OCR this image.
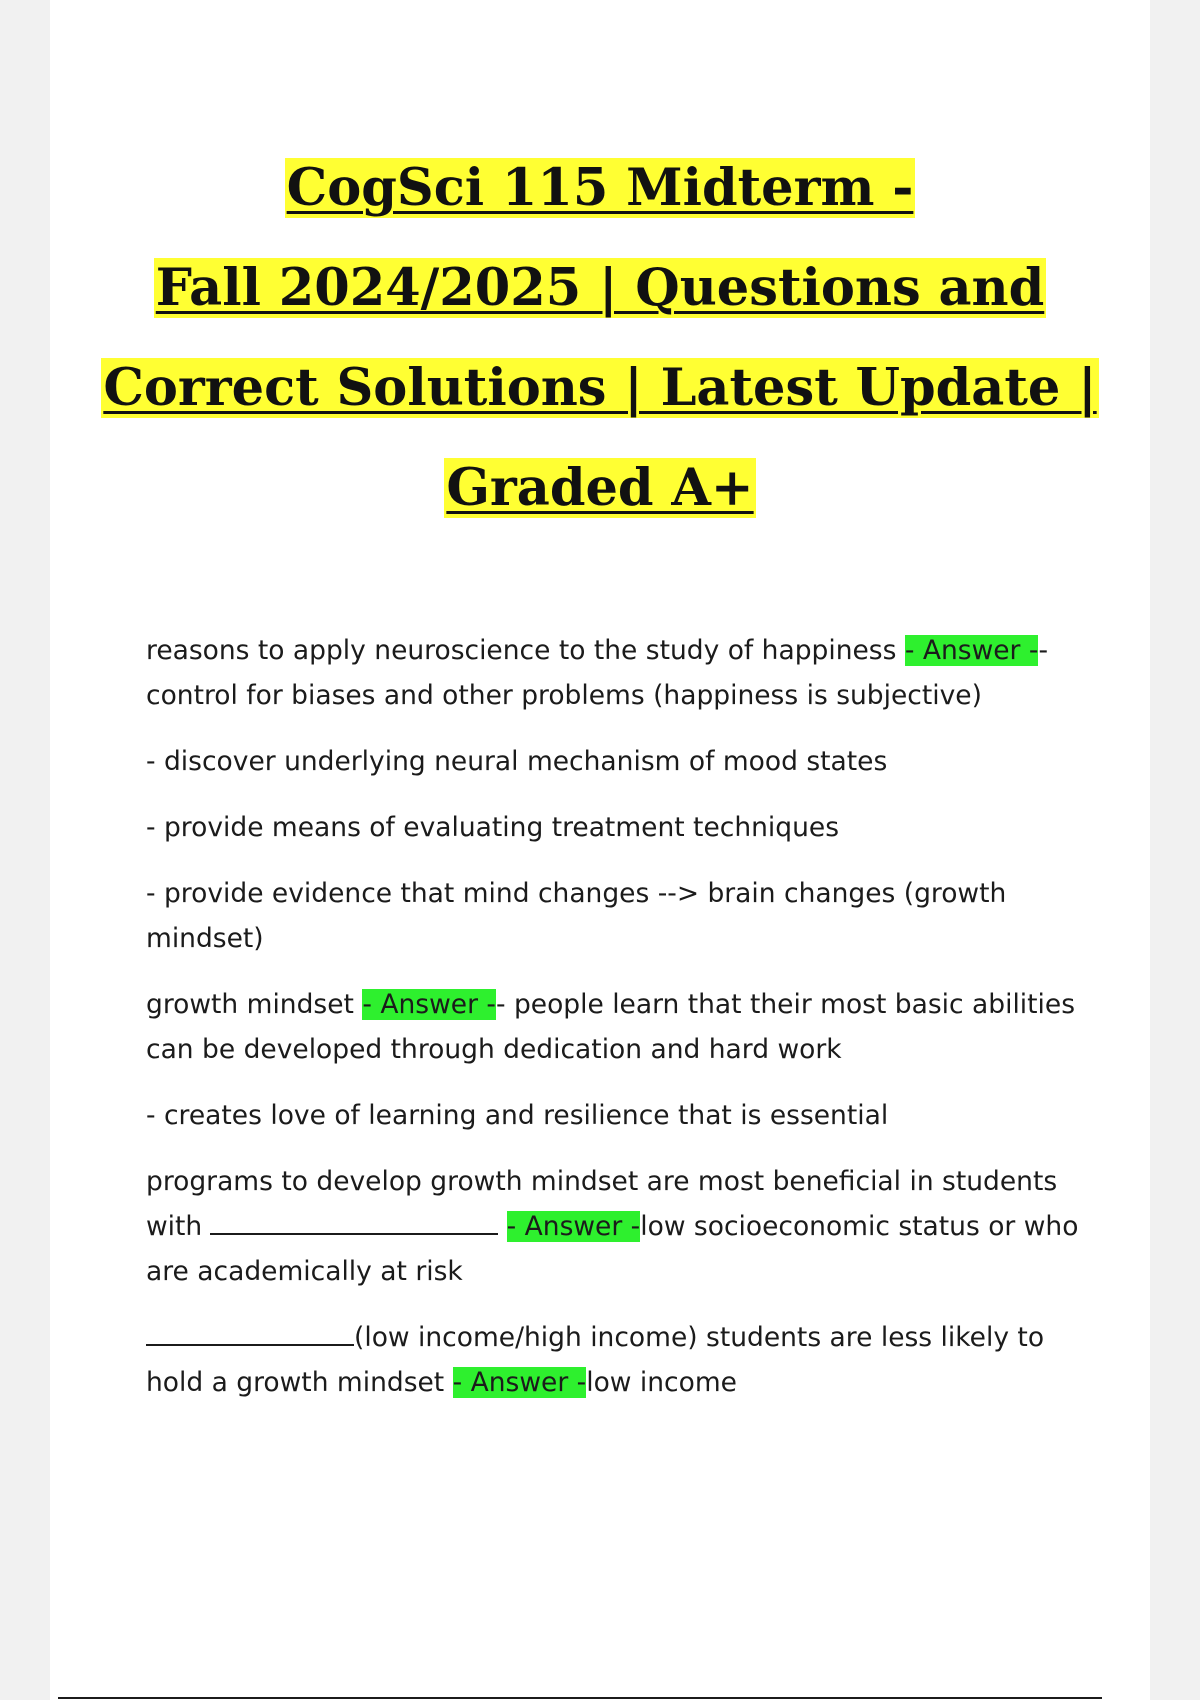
CogSci 115 Midterm -

Fall 2024/2025 | Questions and

Correct Solutions | Latest Update |

Graded A+

reasons to apply neuroscience to the study of happiness - Answer -- control for biases and other problems (happiness is subjective)

- discover underlying neural mechanism of mood states

- provide means of evaluating treatment techniques

- provide evidence that mind changes --> brain changes (growth mindset)

growth mindset - Answer -- people learn that their most basic abilities can be developed through dedication and hard work

- creates love of learning and resilience that is essential

programs to develop growth mindset are most beneficial in students with	- Answer -low socioeconomic status or who are academically at risk

(low income/high income) students are less likely to hold a growth mindset - Answer -low income
